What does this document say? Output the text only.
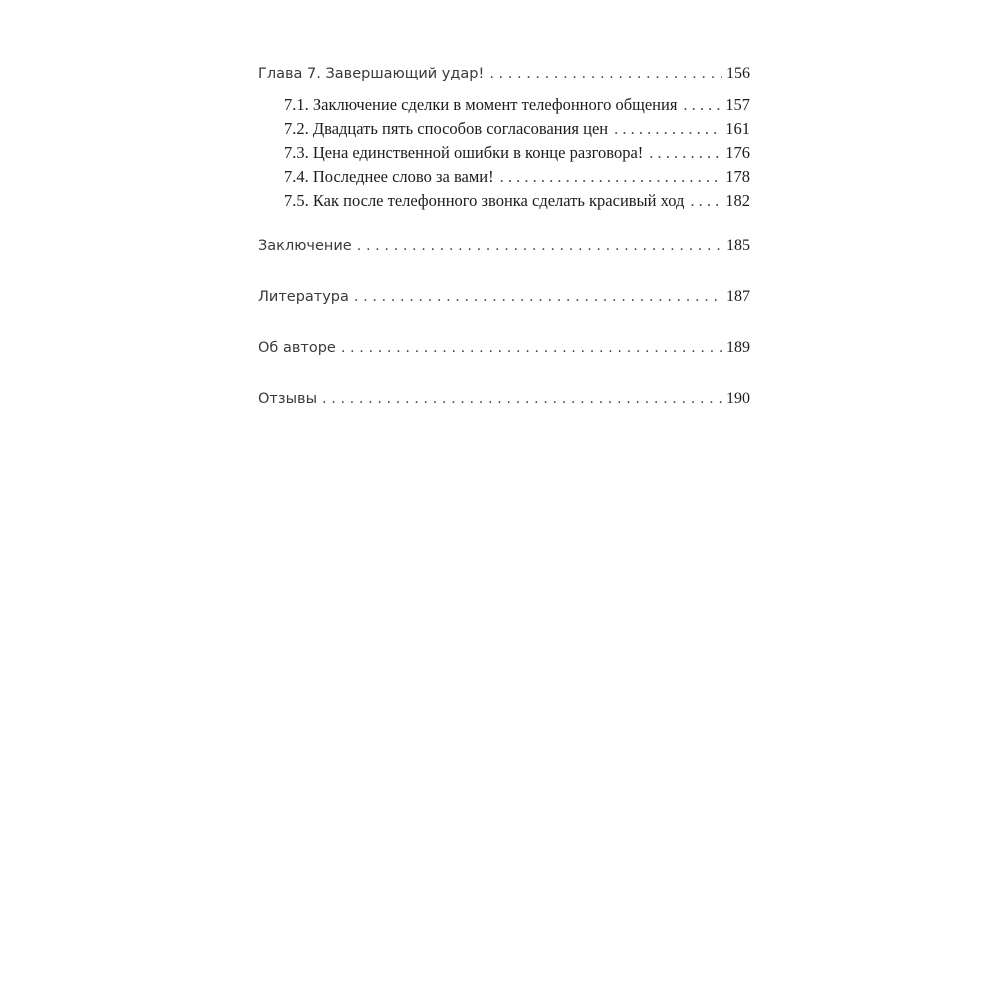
Глава 7. Завершающий удар! . . .	156
7.1. Заключение сделки в момент телефонного общения . . .	157
7.2. Двадцать пять способов согласования цен . . .	161
7.3. Цена единственной ошибки в конце разговора! . . .	176
7.4. Последнее слово за вами! . . .	178
7.5. Как после телефонного звонка сделать красивый ход . . . 182
Заключение . . .	185
Литература . . .	187
Об авторе . . .	189
Отзывы . . .	190
